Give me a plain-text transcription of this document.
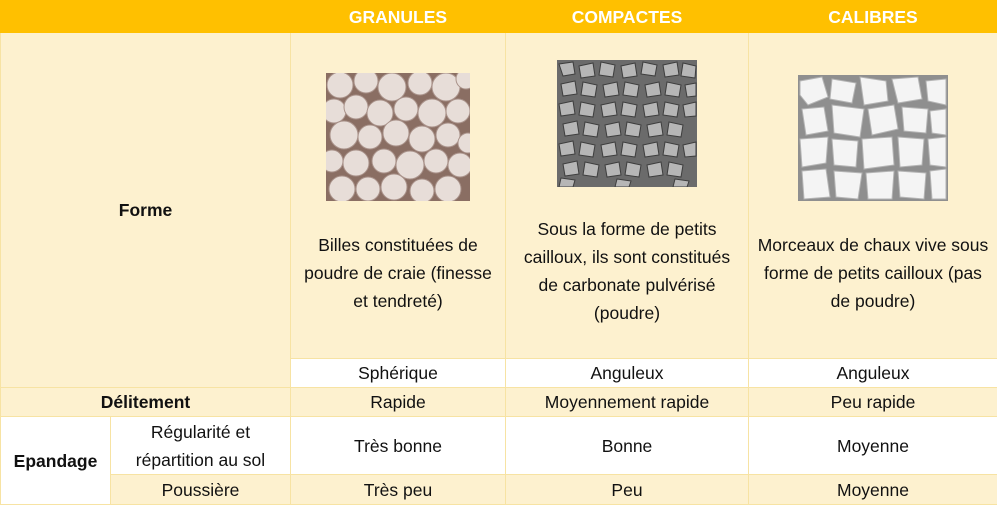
		GRANULES	COMPACTES	CALIBRES
Forme		Billes constituées de poudre de craie (finesse et tendreté)	Sous la forme de petits cailloux, ils sont constitués de carbonate pulvérisé (poudre)	Morceaux de chaux vive sous forme de petits cailloux (pas de poudre)

		Sphérique	Anguleux	Anguleux
Délitement		Rapide	Moyennement rapide	Peu rapide
Epandage	Régularité et répartition au sol	Très bonne	Bonne	Moyenne
	Poussière	Très peu	Peu	Moyenne
